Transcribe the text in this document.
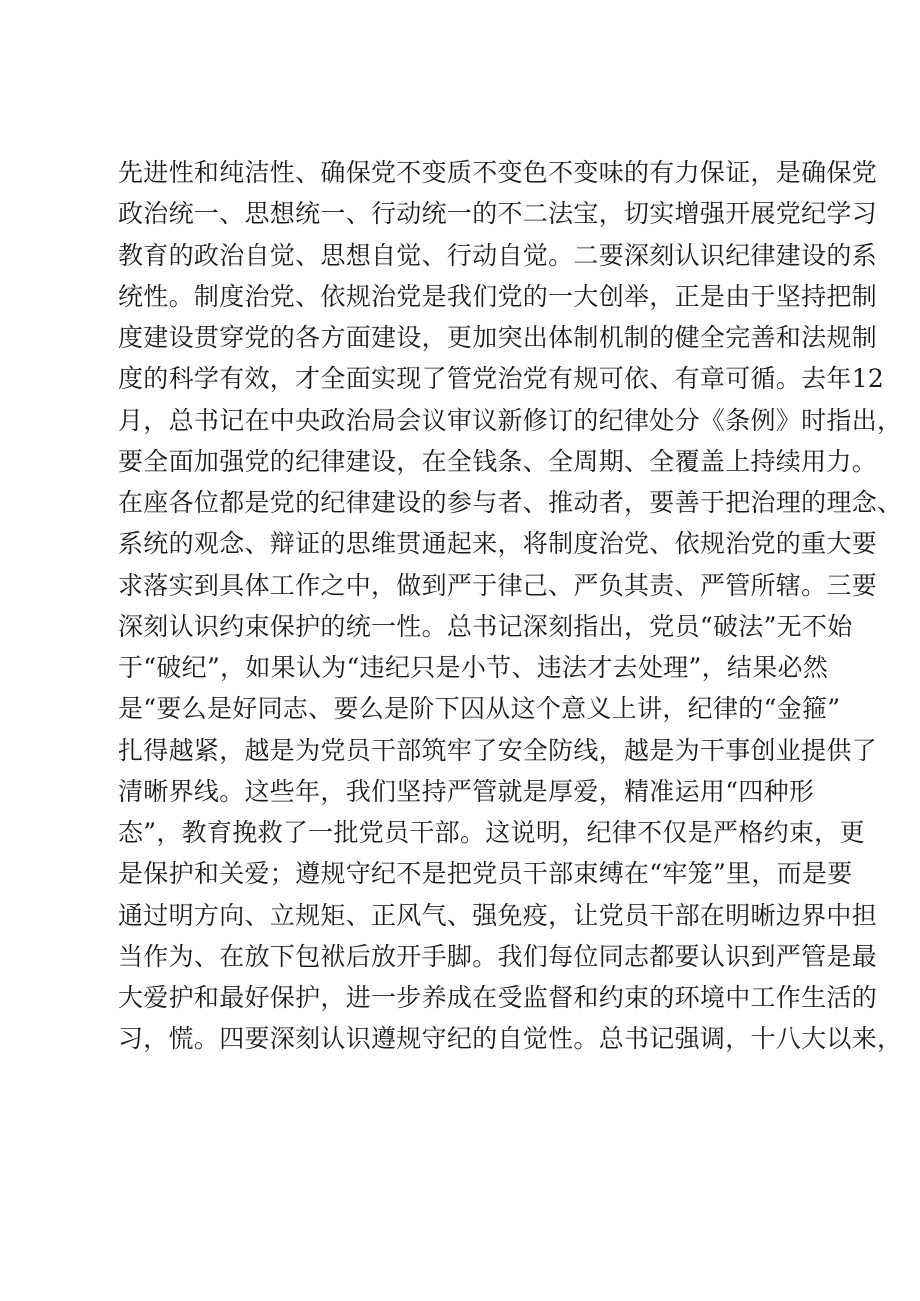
先进性和纯洁性、确保党不变质不变色不变味的有力保证，是确保党
政治统一、思想统一、行动统一的不二法宝，切实增强开展党纪学习
教育的政治自觉、思想自觉、行动自觉。二要深刻认识纪律建设的系
统性。制度治党、依规治党是我们党的一大创举，正是由于坚持把制
度建设贯穿党的各方面建设，更加突出体制机制的健全完善和法规制
度的科学有效，才全面实现了管党治党有规可依、有章可循。去年12
月，总书记在中央政治局会议审议新修订的纪律处分《条例》时指出，
要全面加强党的纪律建设，在全钱条、全周期、全覆盖上持续用力。
在座各位都是党的纪律建设的参与者、推动者，要善于把治理的理念、
系统的观念、辩证的思维贯通起来，将制度治党、依规治党的重大要
求落实到具体工作之中，做到严于律己、严负其责、严管所辖。三要
深刻认识约束保护的统一性。总书记深刻指出，党员“破法”无不始
于“破纪”，如果认为“违纪只是小节、违法才去处理”，结果必然
是“要么是好同志、要么是阶下囚从这个意义上讲，纪律的“金箍”
扎得越紧，越是为党员干部筑牢了安全防线，越是为干事创业提供了
清晰界线。这些年，我们坚持严管就是厚爱，精准运用“四种形
态”，教育挽救了一批党员干部。这说明，纪律不仅是严格约束，更
是保护和关爱；遵规守纪不是把党员干部束缚在“牢笼”里，而是要
通过明方向、立规矩、正风气、强免疫，让党员干部在明晰边界中担
当作为、在放下包袱后放开手脚。我们每位同志都要认识到严管是最
大爱护和最好保护，进一步养成在受监督和约束的环境中工作生活的
习，慌。四要深刻认识遵规守纪的自觉性。总书记强调，十八大以来，
